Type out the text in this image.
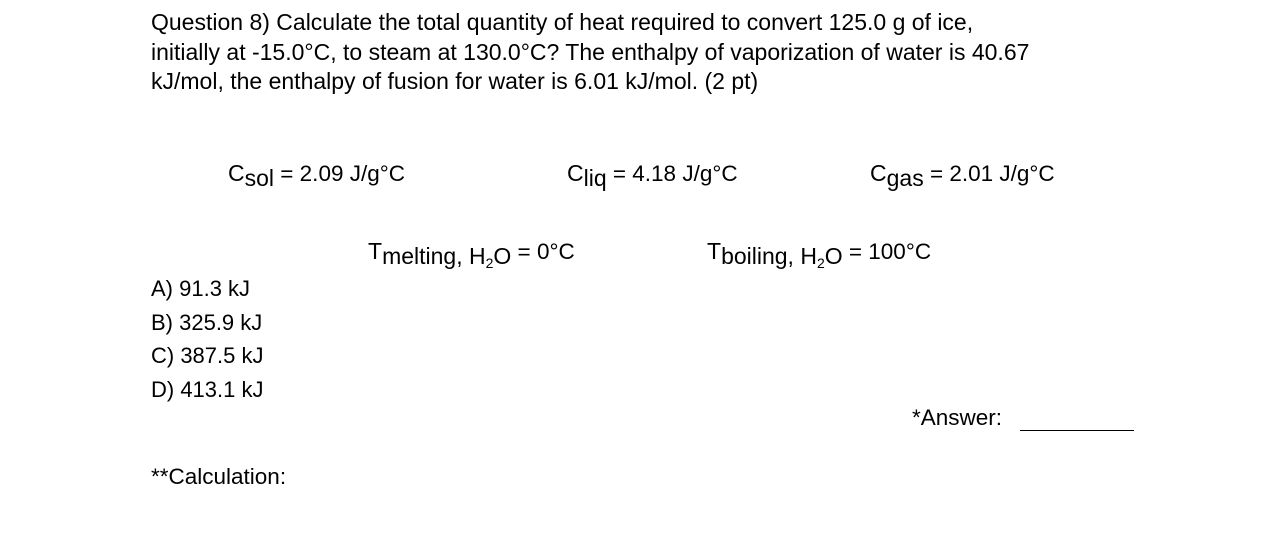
Question 8) Calculate the total quantity of heat required to convert 125.0 g of ice,
initially at -15.0°C, to steam at 130.0°C? The enthalpy of vaporization of water is 40.67
kJ/mol, the enthalpy of fusion for water is 6.01 kJ/mol. (2 pt)
Csol = 2.09 J/g°C	Cliq = 4.18 J/g°C	Cgas = 2.01 J/g°C
Tmelting, H2O = 0°C	Tboiling, H2O = 100°C
A) 91.3 kJ
B) 325.9 kJ
C) 387.5 kJ
D) 413.1 kJ
*Answer:
**Calculation:
